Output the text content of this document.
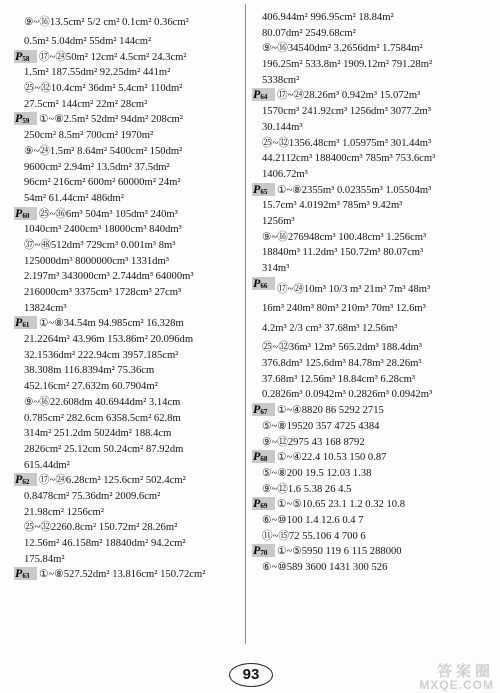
⑨~⑯13.5cm² 5/2 cm² 0.1cm² 0.36cm²
0.5m² 5.04dm² 55dm² 144cm²
$P_{58}$ ⑰~㉔50m² 12cm² 4.5cm² 24.3cm²
1.5m² 187.55dm² 92.25dm² 441m²
㉕~㉜10.4cm² 36dm² 5.4cm² 110dm²
27.5cm² 144cm² 22m² 28cm²
$P_{59}$ ①~⑧2.5m² 52dm² 94dm² 208cm²
250cm² 8.5m² 700cm² 1970m²
⑨~㉔1.5m² 8.64m² 5400cm² 150dm²
9600cm² 2.94m² 13.5dm² 37.5dm²
96cm² 216cm² 600m² 60000m² 24m²
54m² 61.44cm² 486dm²
$P_{60}$ ㉕~㊱6m³ 504m³ 105dm³ 240m³
1040cm³ 2400cm³ 18000cm³ 840dm³
㊲~㊽512dm³ 729cm³ 0.001m³ 8m³
125000dm³ 8000000cm³ 1331dm³
2.197m³ 343000cm³ 2.744dm³ 64000m³
216000cm³ 3375cm³ 1728cm³ 27cm³
13824cm³
$P_{61}$ ①~⑧34.54m 94.985cm² 16.328m
21.2264m² 43.96m 153.86m² 20.096dm
32.1536dm² 222.94cm 3957.185cm²
38.308m 116.8394m² 75.36cm
452.16cm² 27.632m 60.7904m²
⑨~⑯22.608dm 40.6944dm² 3.14cm
0.785cm² 282.6cm 6358.5cm² 62.8m
314m² 251.2dm 5024dm² 188.4cm
2826cm² 25.12cm 50.24cm² 87.92dm
615.44dm²
$P_{62}$ ⑰~㉔6.28cm² 125.6cm² 502.4cm²
0.8478cm² 75.36dm² 2009.6cm²
21.98cm² 1256cm²
㉕~㉜2260.8cm² 150.72m² 28.26m²
12.56m² 46.158m² 18840dm² 94.2cm²
175.84m²
$P_{63}$ ①~⑧527.52dm² 13.816cm² 150.72cm²
406.944m² 996.95cm² 18.84m²
80.07dm² 2549.68cm²
⑨~⑯34540dm² 3.2656dm² 1.7584m²
196.25m² 533.8m² 1909.12m² 791.28m²
5338cm²
$P_{64}$ ⑰~㉔28.26m³ 0.942m³ 15.072m³
1570cm³ 241.92cm³ 1256dm³ 3077.2m³
30.144m³
㉕~㉜1356.48cm³ 1.05975m³ 301.44m³
44.2112cm³ 188400cm³ 785m³ 753.6cm³
1406.72m³
$P_{65}$ ①~⑧2355m³ 0.02355m³ 1.05504m³
15.7cm³ 4.0192m³ 785m³ 9.42m³
1256m³
⑨~⑯276948cm³ 100.48cm³ 1.256cm³
18840m³ 11.2dm³ 150.72m³ 80.07cm³
314m³
$P_{66}$ ⑰~㉔10m³ 10/3 m³ 21m³ 7m³ 48m³
16m³ 240m³ 80m³ 210m³ 70m³ 12.6m³
4.2m³ 2/3 cm³ 37.68m³ 12.56m³
㉕~㉜36m³ 12m³ 565.2dm³ 188.4dm³
376.8dm³ 125.6dm³ 84.78m³ 28.26m³
37.68m³ 12.56m³ 18.84cm³ 6.28cm³
0.2826m³ 0.0942m³ 0.2826m³ 0.0942m³
$P_{67}$ ①~④8820 86 5292 2715
⑤~⑧19520 357 4725 4384
⑨~⑫2975 43 168 8792
$P_{68}$ ①~④22.4 10.53 150 0.87
⑤~⑧200 19.5 12.03 1.38
⑨~⑫1.6 5.38 26 4.5
$P_{69}$ ①~⑤10.65 23.1 1.2 0.32 10.8
⑥~⑩100 1.4 12.6 0.4 7
⑪~⑮72 55.106 4 700 6
$P_{70}$ ①~⑤5950 119 6 115 288000
⑥~⑩589 3600 1431 300 526
93	答案圈
MXQE.COM
